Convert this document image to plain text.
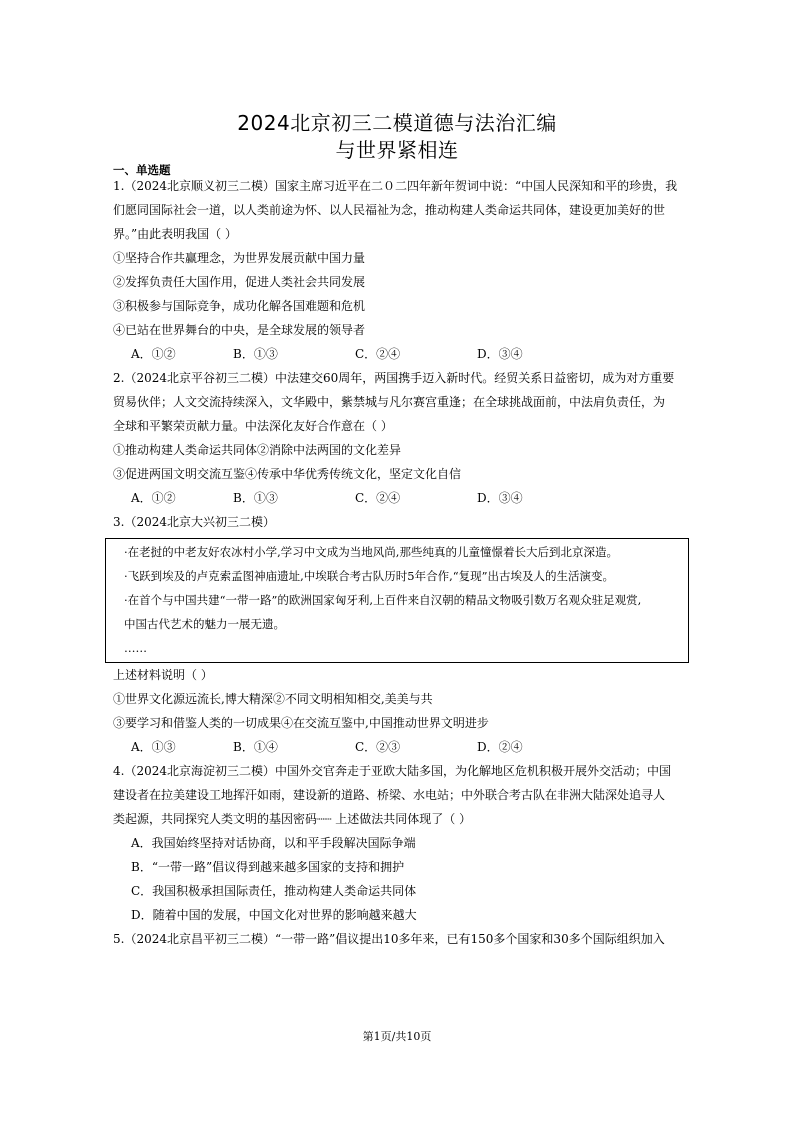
2024北京初三二模道德与法治汇编
与世界紧相连
一、单选题
1.（2024北京顺义初三二模）国家主席习近平在二０二四年新年贺词中说：“中国人民深知和平的珍贵，我
们愿同国际社会一道，以人类前途为怀、以人民福祉为念，推动构建人类命运共同体，建设更加美好的世
界。”由此表明我国（ ）
①坚持合作共赢理念，为世界发展贡献中国力量
②发挥负责任大国作用，促进人类社会共同发展
③积极参与国际竞争，成功化解各国难题和危机
④已站在世界舞台的中央，是全球发展的领导者
A．①②	B．①③	C．②④	D．③④
2.（2024北京平谷初三二模）中法建交60周年，两国携手迈入新时代。经贸关系日益密切，成为对方重要
贸易伙伴；人文交流持续深入，文华殿中，紫禁城与凡尔赛宫重逢；在全球挑战面前，中法肩负责任，为
全球和平繁荣贡献力量。中法深化友好合作意在（ ）
①推动构建人类命运共同体②消除中法两国的文化差异
③促进两国文明交流互鉴④传承中华优秀传统文化，坚定文化自信
A．①②	B．①③	C．②④	D．③④
3.（2024北京大兴初三二模）
·在老挝的中老友好农冰村小学,学习中文成为当地风尚,那些纯真的儿童憧憬着长大后到北京深造。
·飞跃到埃及的卢克索孟图神庙遗址,中埃联合考古队历时5年合作,“复现”出古埃及人的生活演变。
·在首个与中国共建“一带一路”的欧洲国家匈牙利,上百件来自汉朝的精品文物吸引数万名观众驻足观赏,
中国古代艺术的魅力一展无遗。
……
上述材料说明（ ）
①世界文化源远流长,博大精深②不同文明相知相交,美美与共
③要学习和借鉴人类的一切成果④在交流互鉴中,中国推动世界文明进步
A．①③	B．①④	C．②③	D．②④
4.（2024北京海淀初三二模）中国外交官奔走于亚欧大陆多国，为化解地区危机积极开展外交活动；中国
建设者在拉美建设工地挥汗如雨，建设新的道路、桥梁、水电站；中外联合考古队在非洲大陆深处追寻人
类起源，共同探究人类文明的基因密码┈┈ 上述做法共同体现了（ ）
A．我国始终坚持对话协商，以和平手段解决国际争端
B．“一带一路”倡议得到越来越多国家的支持和拥护
C．我国积极承担国际责任，推动构建人类命运共同体
D．随着中国的发展，中国文化对世界的影响越来越大
5.（2024北京昌平初三二模）“一带一路”倡议提出10多年来，已有150多个国家和30多个国际组织加入
第1页/共10页
